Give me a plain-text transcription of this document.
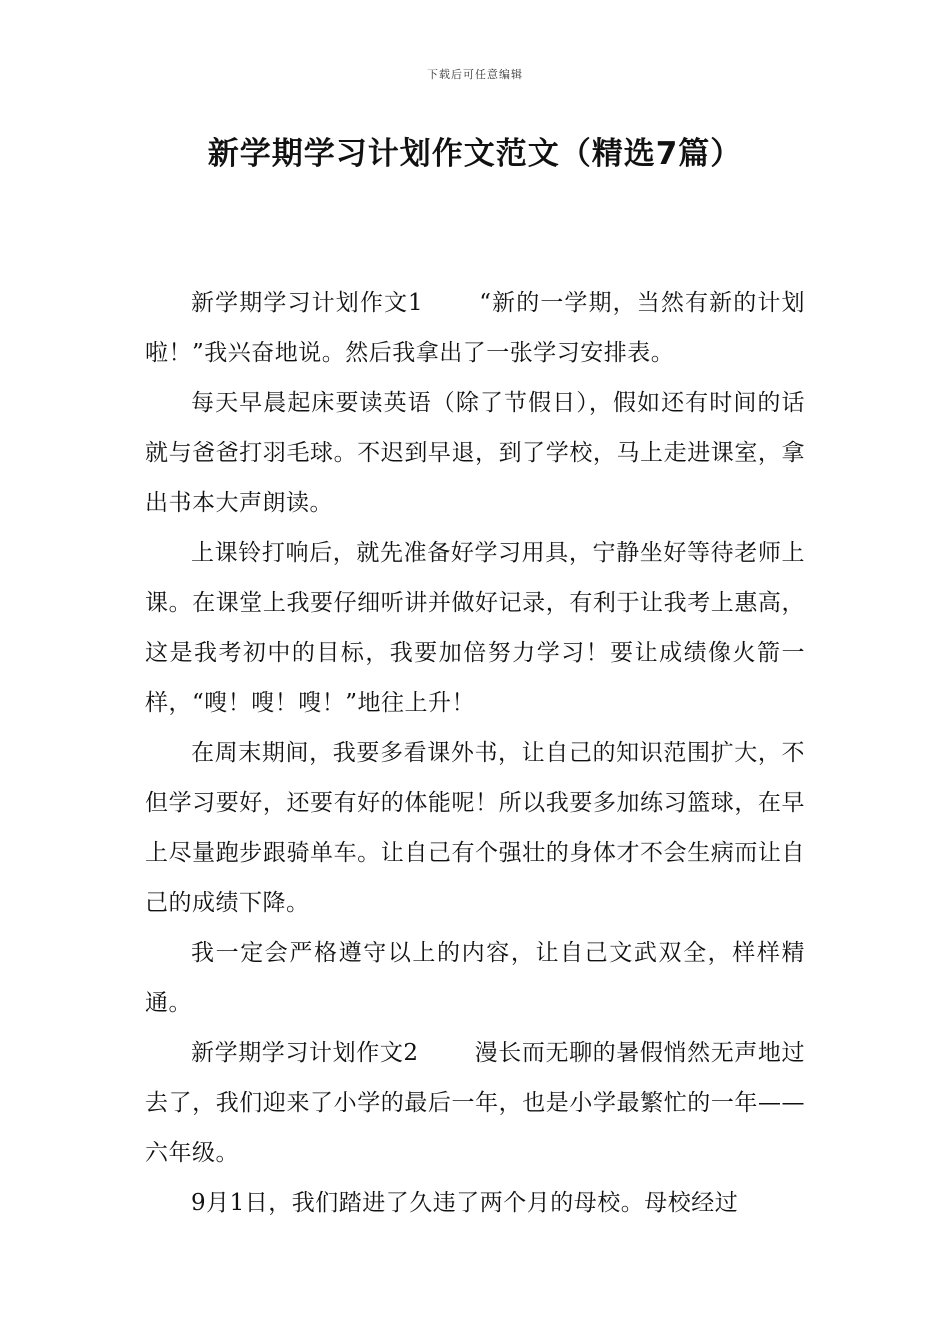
下载后可任意编辑
新学期学习计划作文范文（精选7篇）

新学期学习计划作文1 “新的一学期，当然有新的计划啦！”我兴奋地说。然后我拿出了一张学习安排表。

每天早晨起床要读英语（除了节假日），假如还有时间的话就与爸爸打羽毛球。不迟到早退，到了学校，马上走进课室，拿出书本大声朗读。

上课铃打响后，就先准备好学习用具，宁静坐好等待老师上课。在课堂上我要仔细听讲并做好记录，有利于让我考上惠高，这是我考初中的目标，我要加倍努力学习！要让成绩像火箭一样，“嗖！嗖！嗖！”地往上升！

在周末期间，我要多看课外书，让自己的知识范围扩大，不但学习要好，还要有好的体能呢！所以我要多加练习篮球，在早上尽量跑步跟骑单车。让自己有个强壮的身体才不会生病而让自己的成绩下降。

我一定会严格遵守以上的内容，让自己文武双全，样样精通。

新学期学习计划作文2 漫长而无聊的暑假悄然无声地过去了，我们迎来了小学的最后一年，也是小学最繁忙的一年——六年级。

9月1日，我们踏进了久违了两个月的母校。母校经过
